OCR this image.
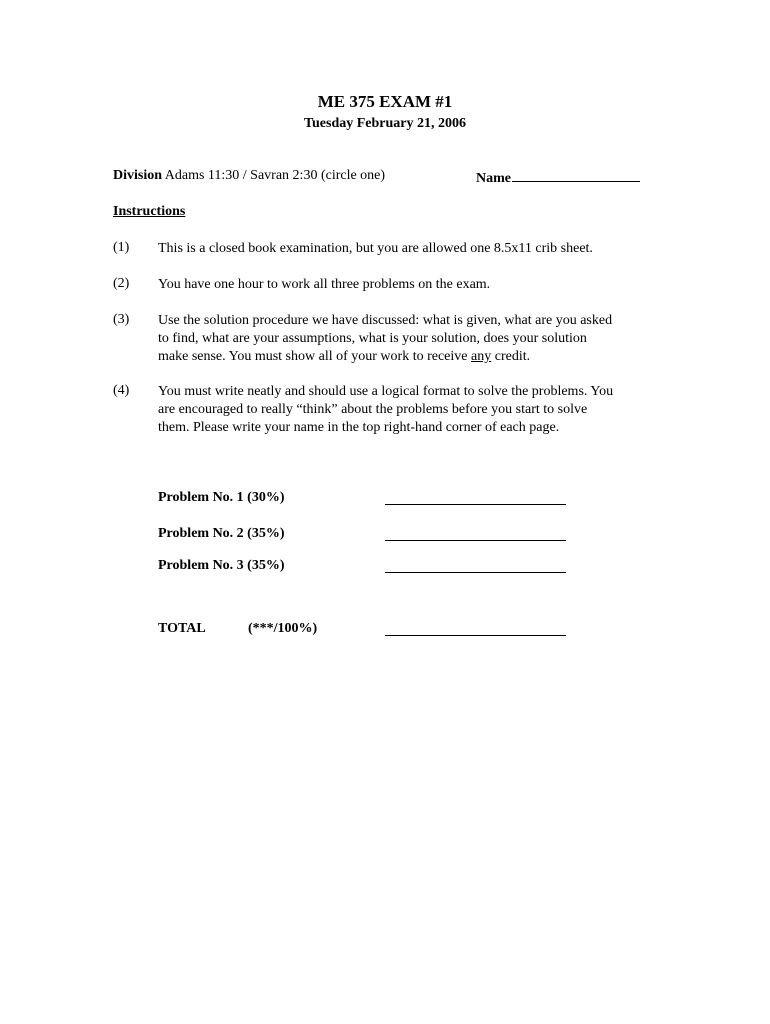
ME 375 EXAM #1
Tuesday February 21, 2006
Division Adams 11:30 / Savran 2:30 (circle one)	Name
Instructions
(1) This is a closed book examination, but you are allowed one 8.5x11 crib sheet.
(2) You have one hour to work all three problems on the exam.
(3) Use the solution procedure we have discussed: what is given, what are you asked
to find, what are your assumptions, what is your solution, does your solution
make sense. You must show all of your work to receive any credit.
(4) You must write neatly and should use a logical format to solve the problems. You
are encouraged to really “think” about the problems before you start to solve
them. Please write your name in the top right-hand corner of each page.
Problem No. 1 (30%)
Problem No. 2 (35%)
Problem No. 3 (35%)
TOTAL	(***/100%)
